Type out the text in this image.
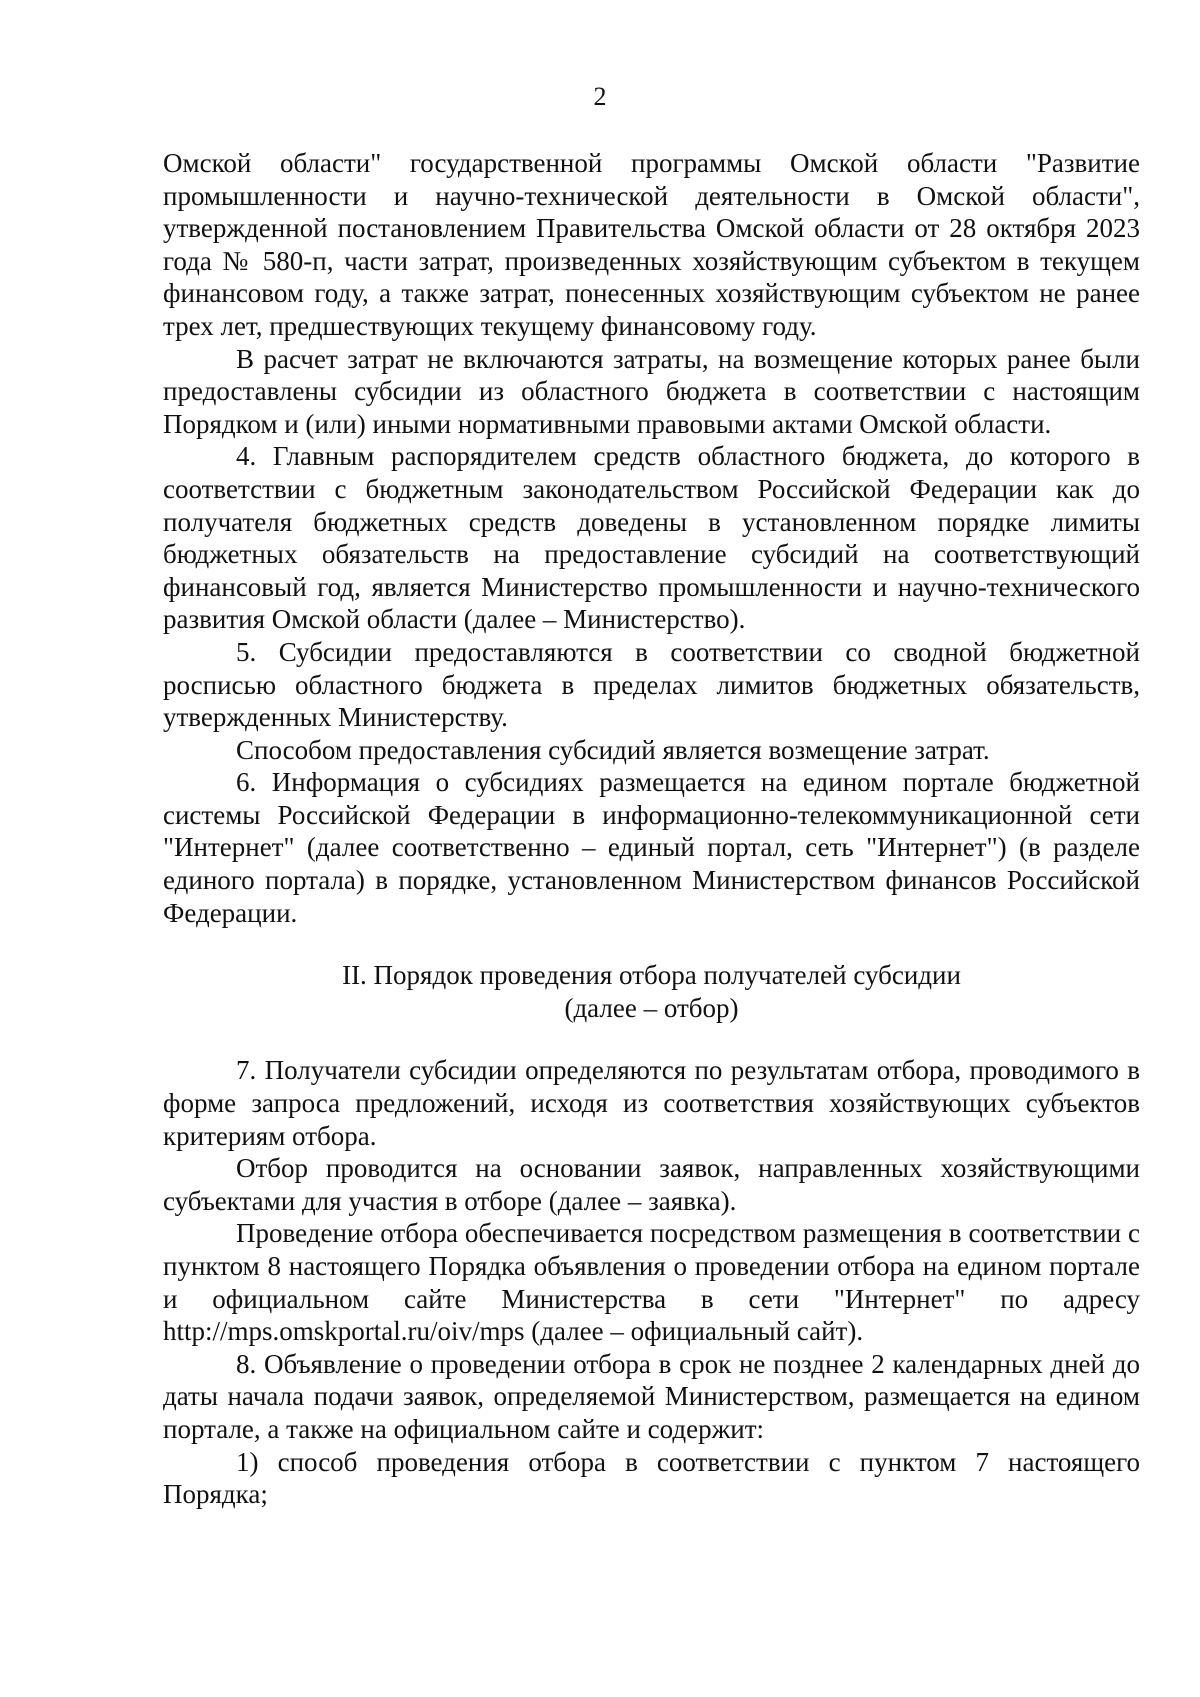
2

Омской области" государственной программы Омской области "Развитие промышленности и научно-технической деятельности в Омской области", утвержденной постановлением Правительства Омской области от 28 октября 2023 года № 580-п, части затрат, произведенных хозяйствующим субъектом в текущем финансовом году, а также затрат, понесенных хозяйствующим субъектом не ранее трех лет, предшествующих текущему финансовому году.

В расчет затрат не включаются затраты, на возмещение которых ранее были предоставлены субсидии из областного бюджета в соответствии с настоящим Порядком и (или) иными нормативными правовыми актами Омской области.

4. Главным распорядителем средств областного бюджета, до которого в соответствии с бюджетным законодательством Российской Федерации как до получателя бюджетных средств доведены в установленном порядке лимиты бюджетных обязательств на предоставление субсидий на соответствующий финансовый год, является Министерство промышленности и научно-технического развития Омской области (далее – Министерство).

5. Субсидии предоставляются в соответствии со сводной бюджетной росписью областного бюджета в пределах лимитов бюджетных обязательств, утвержденных Министерству.

Способом предоставления субсидий является возмещение затрат.

6. Информация о субсидиях размещается на едином портале бюджетной системы Российской Федерации в информационно-телекоммуникационной сети "Интернет" (далее соответственно – единый портал, сеть "Интернет") (в разделе единого портала) в порядке, установленном Министерством финансов Российской Федерации.

II. Порядок проведения отбора получателей субсидии
(далее – отбор)

7. Получатели субсидии определяются по результатам отбора, проводимого в форме запроса предложений, исходя из соответствия хозяйствующих субъектов критериям отбора.

Отбор проводится на основании заявок, направленных хозяйствующими субъектами для участия в отборе (далее – заявка).

Проведение отбора обеспечивается посредством размещения в соответствии с пунктом 8 настоящего Порядка объявления о проведении отбора на едином портале и официальном сайте Министерства в сети "Интернет" по адресу http://mps.omskportal.ru/oiv/mps (далее – официальный сайт).

8. Объявление о проведении отбора в срок не позднее 2 календарных дней до даты начала подачи заявок, определяемой Министерством, размещается на едином портале, а также на официальном сайте и содержит:

1) способ проведения отбора в соответствии с пунктом 7 настоящего Порядка;
